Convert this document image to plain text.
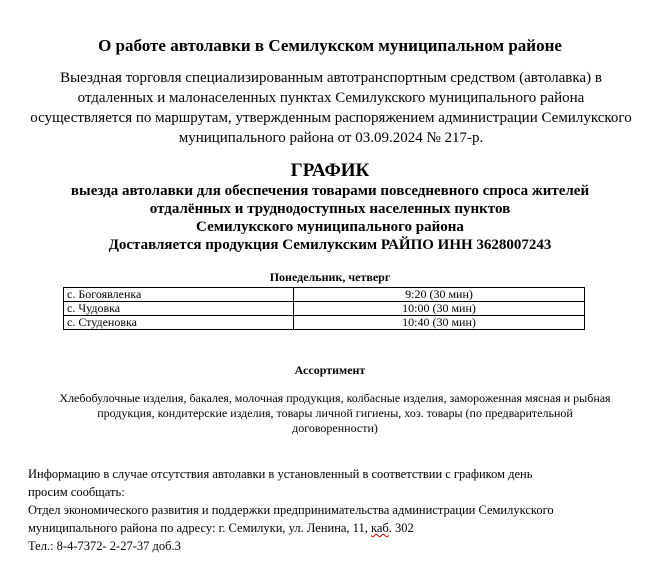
О работе автолавки в Семилукском муниципальном районе
Выездная торговля специализированным автотранспортным средством (автолавка) в отдаленных и малонаселенных пунктах Семилукского муниципального района осуществляется по маршрутам, утвержденным распоряжением администрации Семилукского муниципального района от 03.09.2024 № 217-р.
ГРАФИК
выезда автолавки для обеспечения товарами повседневного спроса жителей
отдалённых и труднодоступных населенных пунктов
Семилукского муниципального района
Доставляется продукция Семилукским РАЙПО ИНН 3628007243
Понедельник, четверг
с. Богоявленка	9:20 (30 мин)
с. Чудовка	10:00 (30 мин)
с. Студеновка	10:40 (30 мин)
Ассортимент
Хлебобулочные изделия, бакалея, молочная продукция, колбасные изделия, замороженная мясная и рыбная
продукция, кондитерские изделия, товары личной гигиены, хоз. товары (по предварительной
договоренности)
Информацию в случае отсутствия автолавки в установленный в соответствии с графиком день
просим сообщать:
Отдел экономического развития и поддержки предпринимательства администрации Семилукского
муниципального района по адресу: г. Семилуки, ул. Ленина, 11, каб. 302
Тел.: 8-4-7372- 2-27-37 доб.3
